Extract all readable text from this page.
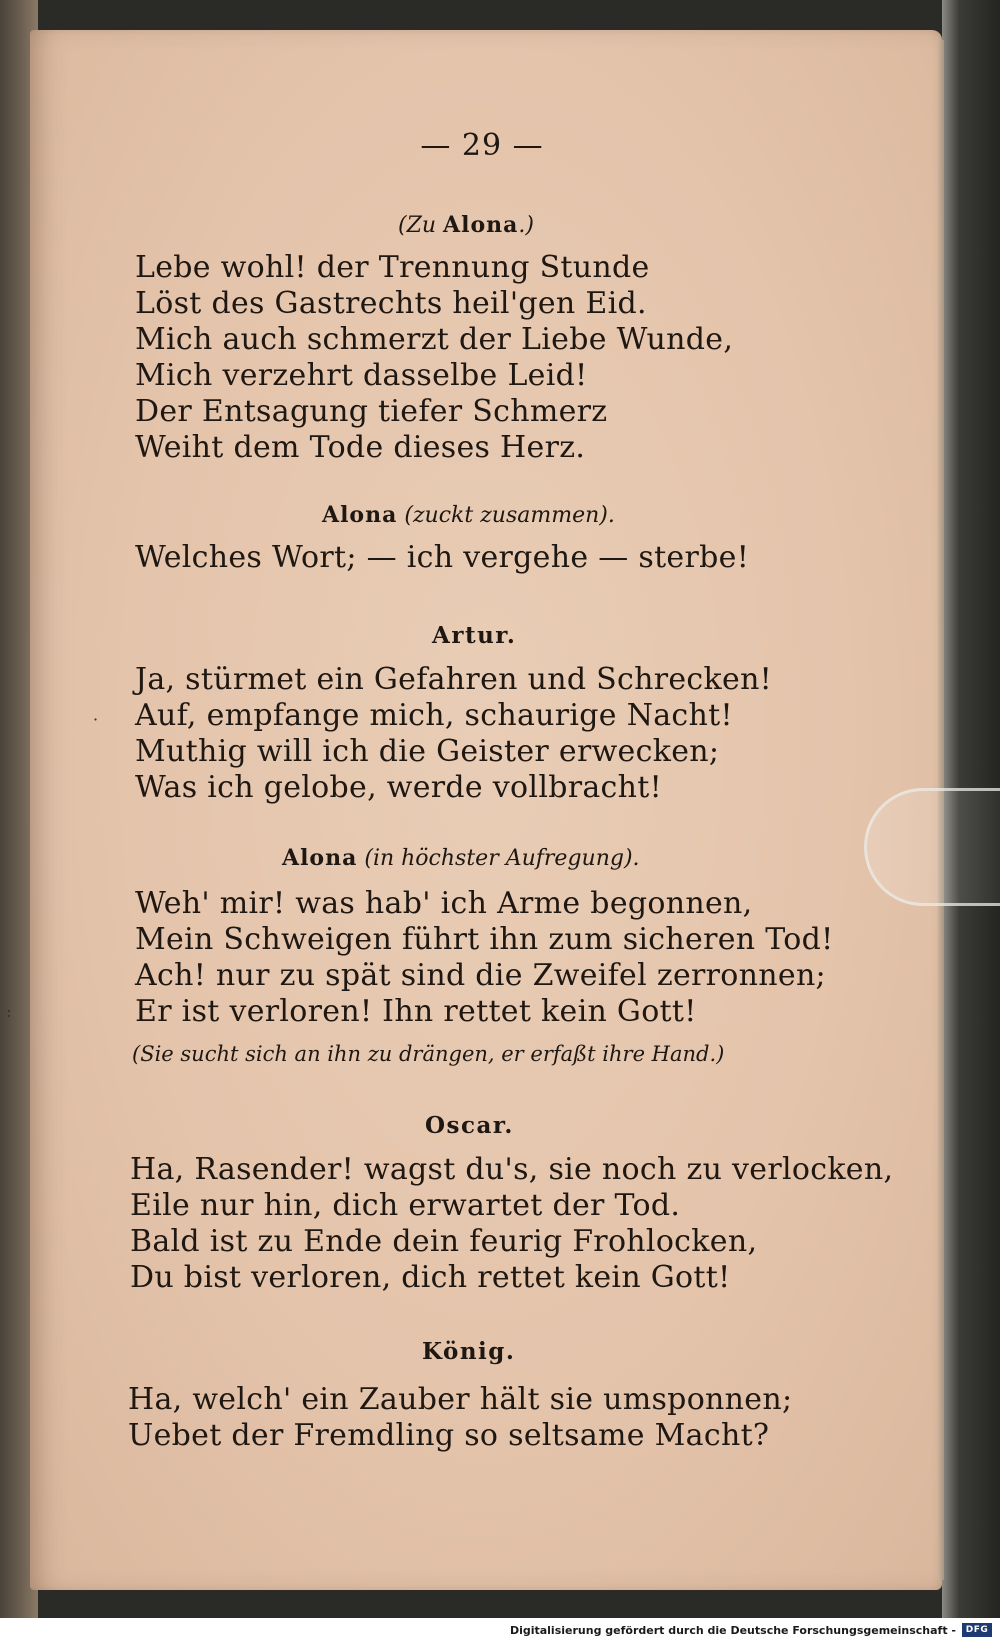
— 29 —
(Zu Alona.)
Lebe wohl! der Trennung Stunde
Löst des Gastrechts heil'gen Eid.
Mich auch schmerzt der Liebe Wunde,
Mich verzehrt dasselbe Leid!
Der Entsagung tiefer Schmerz
Weiht dem Tode dieses Herz.
Alona (zuckt zusammen).
Welches Wort; — ich vergehe — sterbe!
Artur.
Ja, stürmet ein Gefahren und Schrecken!
Auf, empfange mich, schaurige Nacht!
Muthig will ich die Geister erwecken;
Was ich gelobe, werde vollbracht!
·
Alona (in höchster Aufregung).
Weh' mir! was hab' ich Arme begonnen,
Mein Schweigen führt ihn zum sicheren Tod!
Ach! nur zu spät sind die Zweifel zerronnen;
Er ist verloren! Ihn rettet kein Gott!
(Sie sucht sich an ihn zu drängen, er erfaßt ihre Hand.)
Oscar.
Ha, Rasender! wagst du's, sie noch zu verlocken,
Eile nur hin, dich erwartet der Tod.
Bald ist zu Ende dein feurig Frohlocken,
Du bist verloren, dich rettet kein Gott!
König.
Ha, welch' ein Zauber hält sie umsponnen;
Uebet der Fremdling so seltsame Macht?
:
Digitalisierung gefördert durch die Deutsche Forschungsgemeinschaft -	DFG
